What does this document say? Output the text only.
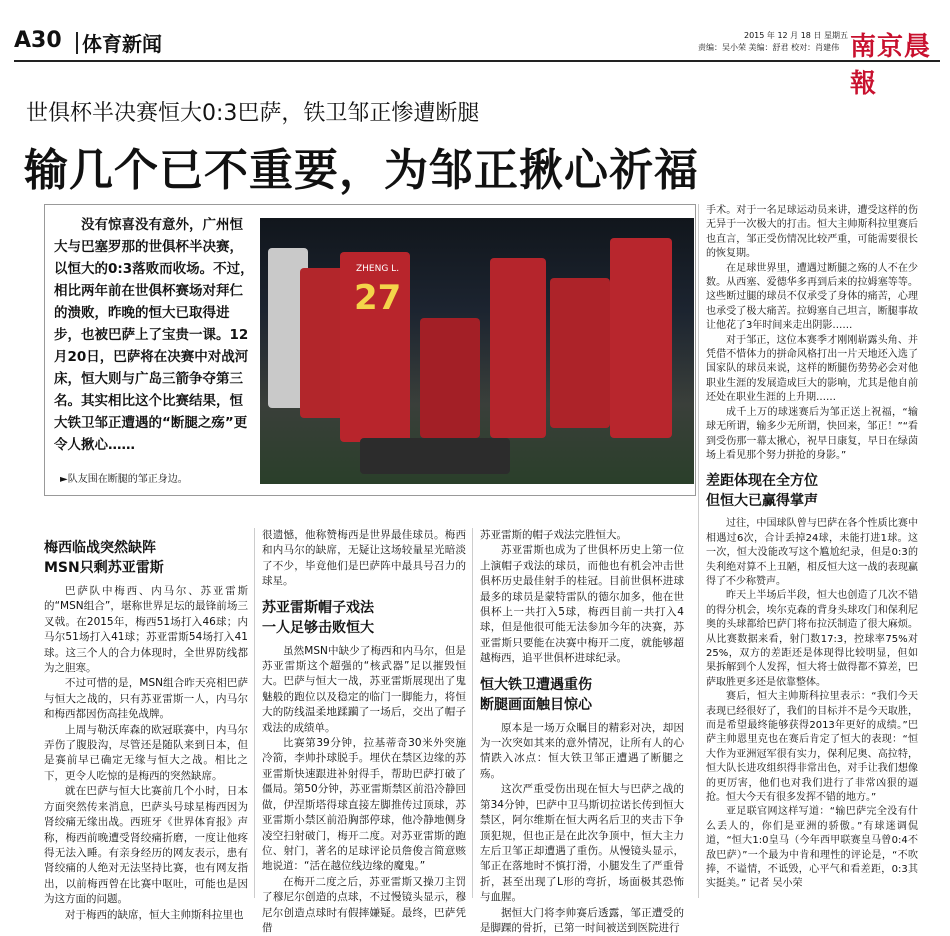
A30 体育新闻	2015 年 12 月 18 日 星期五
责编：吴小荣 美编：舒君 校对：肖建伟 南京晨報
世俱杯半决赛恒大0:3巴萨，铁卫邹正惨遭断腿
输几个已不重要，为邹正揪心祈福
没有惊喜没有意外，广州恒大与巴塞罗那的世俱杯半决赛，以恒大的0:3落败而收场。不过，相比两年前在世俱杯赛场对拜仁的溃败，昨晚的恒大已取得进步，也被巴萨上了宝贵一课。12月20日，巴萨将在决赛中对战河床，恒大则与广岛三箭争夺第三名。其实相比这个比赛结果，恒大铁卫邹正遭遇的“断腿之殇”更令人揪心……
ZHENG L.
27
►队友围在断腿的邹正身边。
梅西临战突然缺阵
MSN只剩苏亚雷斯

巴萨队中梅西、内马尔、苏亚雷斯的“MSN组合”，堪称世界足坛的最锋前场三叉戟。在2015年，梅西51场打入46球；内马尔51场打入41球；苏亚雷斯54场打入41球。这三个人的合力体现时，全世界防线都为之胆寒。

不过可惜的是，MSN组合昨天亮相巴萨与恒大之战的，只有苏亚雷斯一人，内马尔和梅西都因伤高挂免战牌。

上周与勒沃库森的欧冠联赛中，内马尔弄伤了腹股沟，尽管还是随队来到日本，但是赛前早已确定无缘与恒大之战。相比之下，更令人吃惊的是梅西的突然缺席。

就在巴萨与恒大比赛前几个小时，日本方面突然传来消息，巴萨头号球星梅西因为肾绞痛无缘出战。西班牙《世界体育报》声称，梅西前晚遭受肾绞痛折磨，一度让他疼得无法入睡。有亲身经历的网友表示，患有肾绞痛的人绝对无法坚持比赛，也有网友指出，以前梅西曾在比赛中呕吐，可能也是因为这方面的问题。

对于梅西的缺席，恒大主帅斯科拉里也

很遗憾，他称赞梅西是世界最佳球员。梅西和内马尔的缺席，无疑让这场较量星光暗淡了不少，毕竟他们是巴萨阵中最具号召力的球星。

苏亚雷斯帽子戏法
一人足够击败恒大

虽然MSN中缺少了梅西和内马尔，但是苏亚雷斯这个超强的“核武器”足以摧毁恒大。巴萨与恒大一战，苏亚雷斯展现出了鬼魅般的跑位以及稳定的临门一脚能力，将恒大的防线温柔地蹂躏了一场后，交出了帽子戏法的成绩单。

比赛第39分钟，拉基蒂奇30米外突施冷箭，李帅扑球脱手。埋伏在禁区边缘的苏亚雷斯快速跟进补射得手，帮助巴萨打破了僵局。第50分钟，苏亚雷斯禁区前沿冷静回做，伊涅斯塔得球直接左脚推传过顶球，苏亚雷斯小禁区前沿胸部停球，他冷静地侧身凌空扫射破门，梅开二度。对苏亚雷斯的跑位、射门，著名的足球评论员詹俊言简意赅地说道：“活在越位线边缘的魔鬼。”

在梅开二度之后，苏亚雷斯又操刀主罚了穆尼尔创造的点球，不过慢镜头显示，穆尼尔创造点球时有假摔嫌疑。最终，巴萨凭借

苏亚雷斯的帽子戏法完胜恒大。

苏亚雷斯也成为了世俱杯历史上第一位上演帽子戏法的球员，而他也有机会冲击世俱杯历史最佳射手的桂冠。目前世俱杯进球最多的球员是蒙特雷队的德尔加多，他在世俱杯上一共打入5球，梅西目前一共打入4球，但是他很可能无法参加今年的决赛，苏亚雷斯只要能在决赛中梅开二度，就能够超越梅西，追平世俱杯进球纪录。

恒大铁卫遭遇重伤
断腿画面触目惊心

原本是一场万众瞩目的精彩对决，却因为一次突如其来的意外情况，让所有人的心情跌入冰点：恒大铁卫邹正遭遇了断腿之殇。

这次严重受伤出现在恒大与巴萨之战的第34分钟，巴萨中卫马斯切拉诺长传到恒大禁区，阿尔维斯在恒大两名后卫的夹击下争顶犯规，但也正是在此次争顶中，恒大主力左后卫邹正却遭遇了重伤。从慢镜头显示，邹正在落地时不慎打滑，小腿发生了严重骨折，甚至出现了L形的弯折，场面极其恐怖与血腥。

据恒大门将李帅赛后透露，邹正遭受的是脚踝的骨折，已第一时间被送到医院进行

手术。对于一名足球运动员来讲，遭受这样的伤无异于一次极大的打击。恒大主帅斯科拉里赛后也直言，邹正受伤情况比较严重，可能需要很长的恢复期。

在足球世界里，遭遇过断腿之殇的人不在少数。从西塞、爱德华多再到后来的拉姆塞等等。这些断过腿的球员不仅承受了身体的痛苦，心理也承受了极大痛苦。拉姆塞自己坦言，断腿事故让他花了3年时间来走出阴影……

对于邹正，这位本赛季才刚刚崭露头角、并凭借不惜体力的拼命风格打出一片天地还入选了国家队的球员来说，这样的断腿伤势势必会对他职业生涯的发展造成巨大的影响，尤其是他自前还处在职业生涯的上升期……

成千上万的球迷赛后为邹正送上祝福，“输球无所谓，输多少无所谓，快回来，邹正！”“看到受伤那一幕太揪心，祝早日康复，早日在绿茵场上看见那个努力拼抢的身影。”

差距体现在全方位
但恒大已赢得掌声

过往，中国球队曾与巴萨在各个性质比赛中相遇过6次，合计丢掉24球，未能打进1球。这一次，恒大没能改写这个尴尬纪录，但是0:3的失利绝对算不上丑陋，相反恒大这一战的表现赢得了不少称赞声。

昨天上半场后半段，恒大也创造了几次不错的得分机会，埃尔克森的背身头球攻门和保利尼奥的头球都给巴萨门将布拉沃制造了很大麻烦。从比赛数据来看，射门数17:3，控球率75%对25%，双方的差距还是体现得比较明显，但如果拆解到个人发挥，恒大将士做得都不算差，巴萨取胜更多还是依靠整体。

赛后，恒大主帅斯科拉里表示：“我们今天表现已经很好了，我们的目标并不是今天取胜，而是希望最终能够获得2013年更好的成绩。”巴萨主帅恩里克也在赛后肯定了恒大的表现：“恒大作为亚洲冠军很有实力，保利尼奥、高拉特，恒大队长进攻组织得非常出色，对手让我们想像的更厉害，他们也对我们进行了非常凶狠的逼抢。恒大今天有很多发挥不错的地方。”

亚足联官网这样写道：“输巴萨完全没有什么丢人的，你们是亚洲的骄傲。”有球迷调侃道，“恒大1:0皇马（今年西甲联赛皇马曾0:4不敌巴萨）”一个最为中肯和理性的评论是，“不吹捧，不谥情，不诋毁，心平气和看差距，0:3其实挺美。” 记者 吴小荣
